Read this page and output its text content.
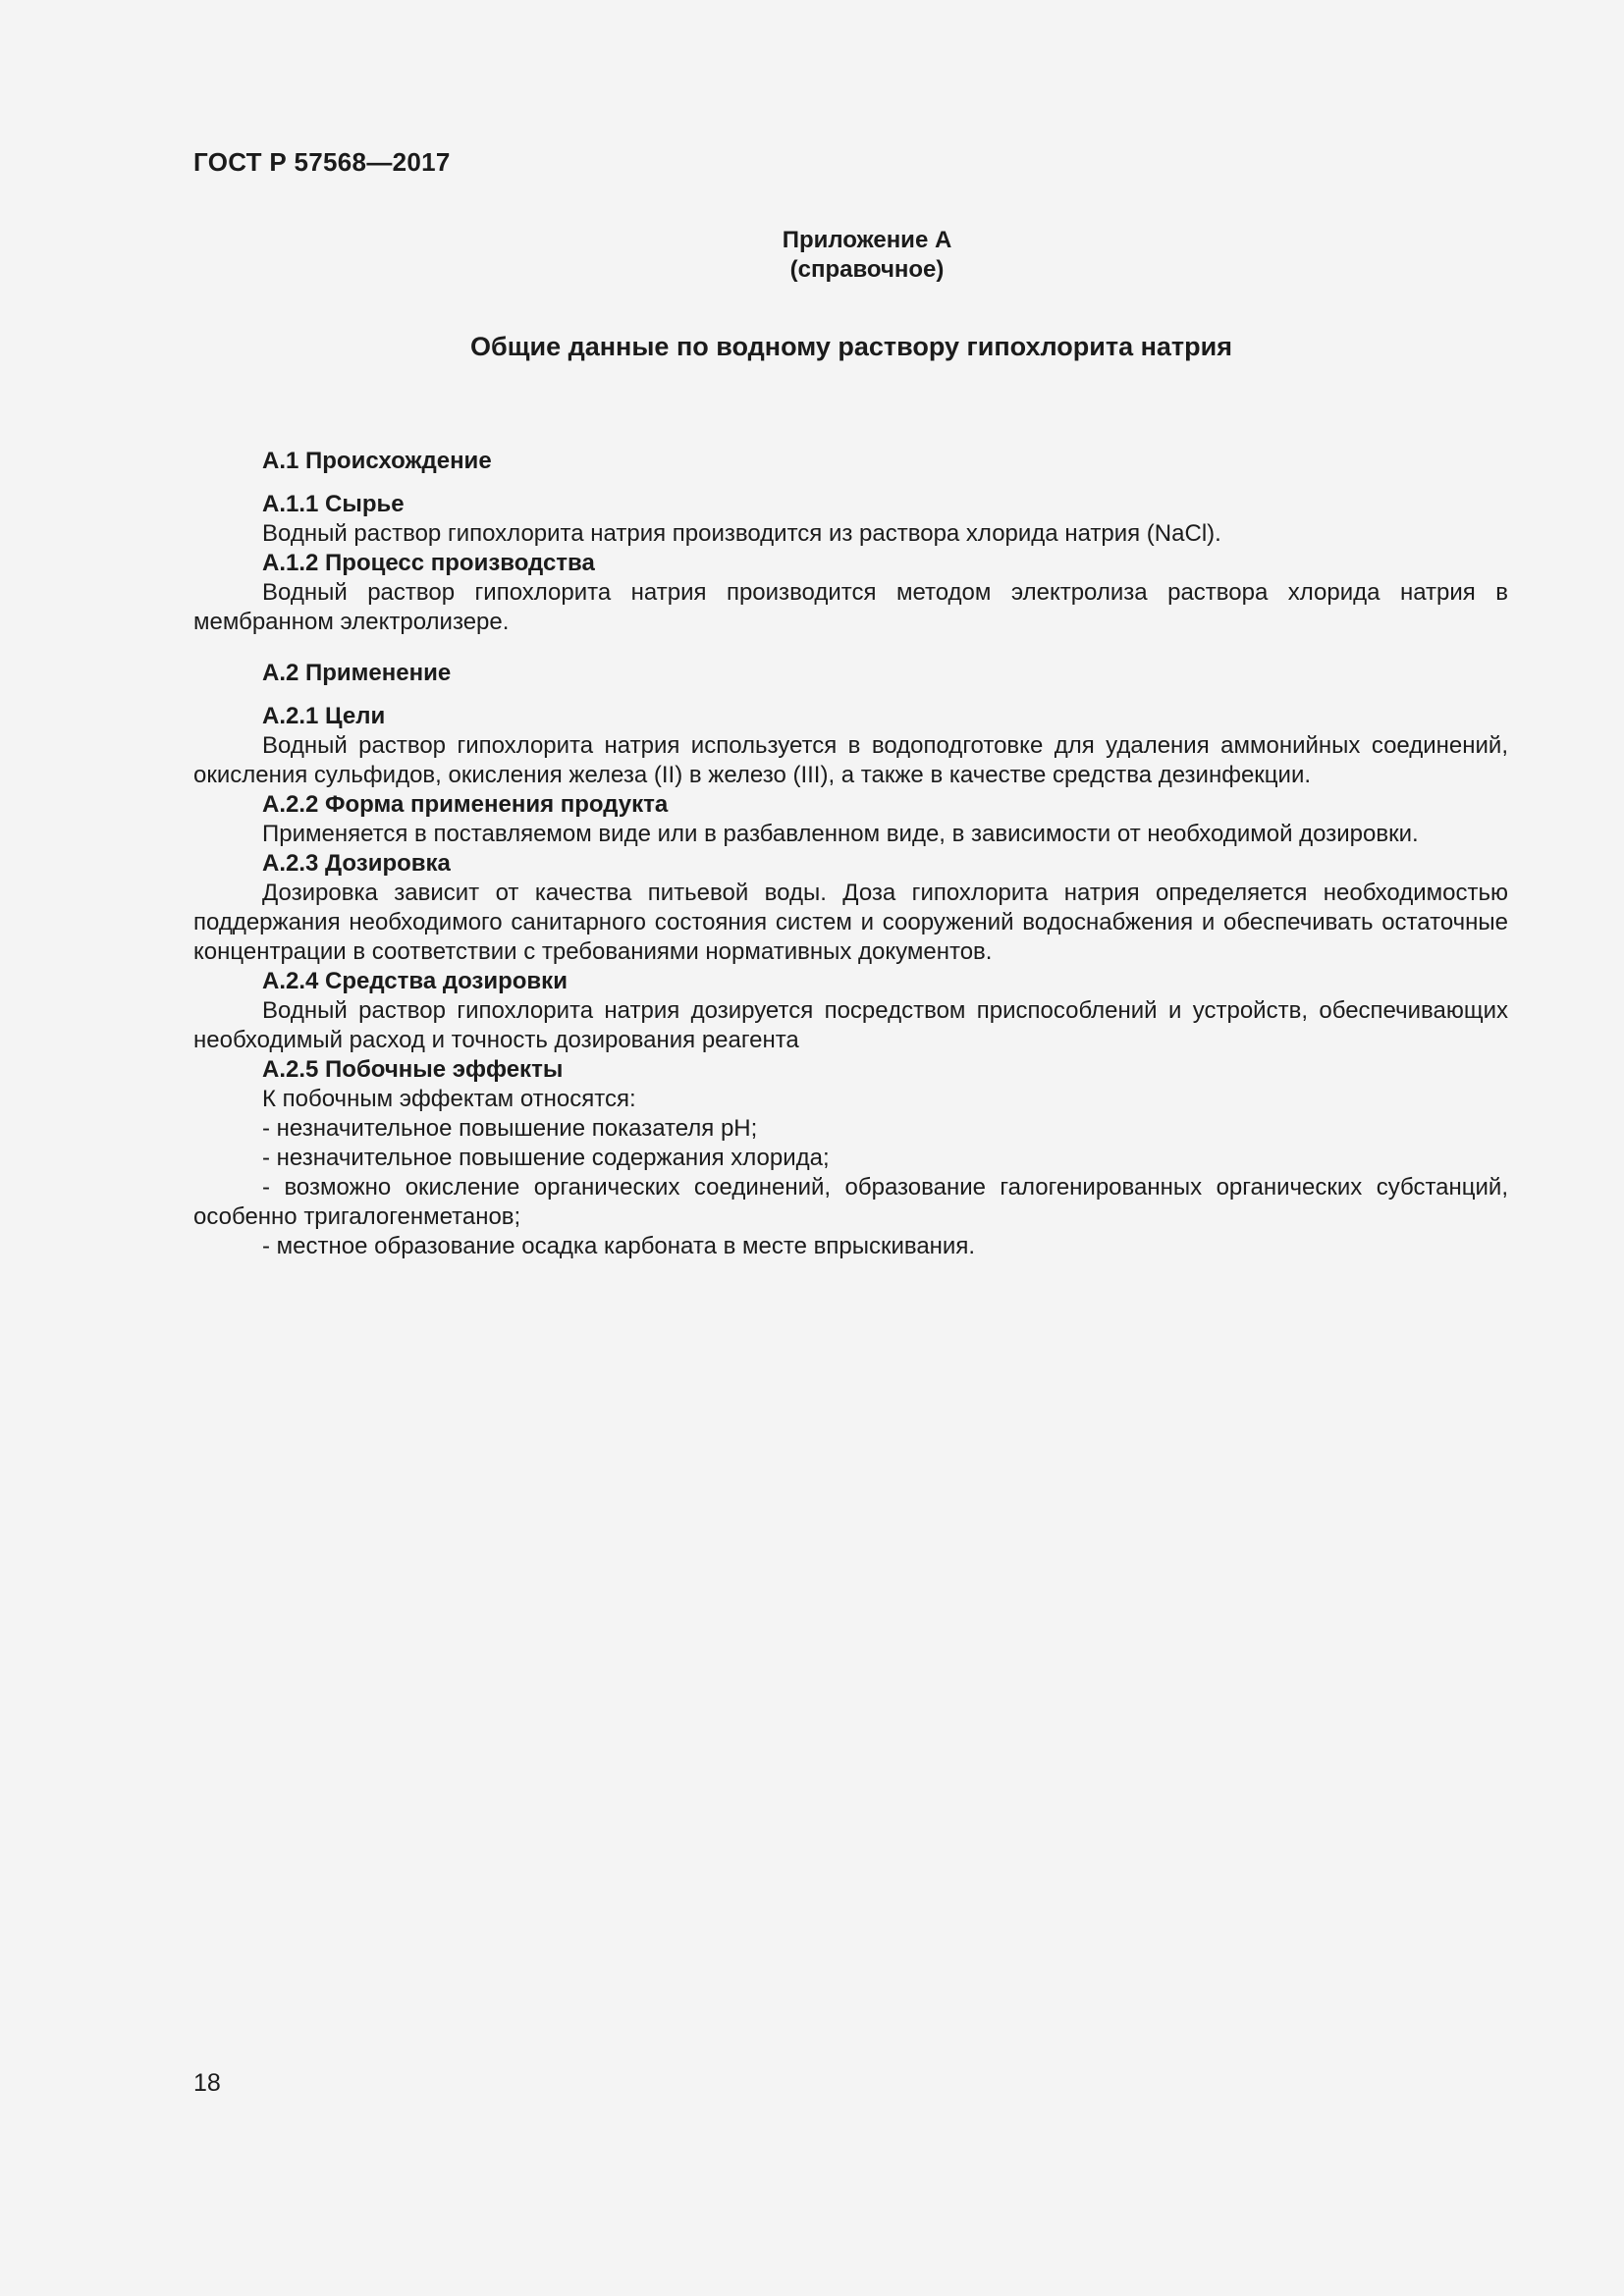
ГОСТ Р 57568—2017
Приложение А
(справочное)
Общие данные по водному раствору гипохлорита натрия

А.1 Происхождение

А.1.1 Сырье

Водный раствор гипохлорита натрия производится из раствора хлорида натрия (NaCl).

А.1.2 Процесс производства

Водный раствор гипохлорита натрия производится методом электролиза раствора хлорида натрия в мембранном электролизере.

А.2 Применение

А.2.1 Цели

Водный раствор гипохлорита натрия используется в водоподготовке для удаления аммонийных соединений, окисления сульфидов, окисления железа (II) в железо (III), а также в качестве средства дезинфекции.

А.2.2 Форма применения продукта

Применяется в поставляемом виде или в разбавленном виде, в зависимости от необходимой дозировки.

А.2.3 Дозировка

Дозировка зависит от качества питьевой воды. Доза гипохлорита натрия определяется необходимостью поддержания необходимого санитарного состояния систем и сооружений водоснабжения и обеспечивать остаточные концентрации в соответствии с требованиями нормативных документов.

А.2.4 Средства дозировки

Водный раствор гипохлорита натрия дозируется посредством приспособлений и устройств, обеспечивающих необходимый расход и точность дозирования реагента

А.2.5 Побочные эффекты

К побочным эффектам относятся:

- незначительное повышение показателя pH;

- незначительное повышение содержания хлорида;

- возможно окисление органических соединений, образование галогенированных органических субстанций, особенно тригалогенметанов;

- местное образование осадка карбоната в месте впрыскивания.

18
